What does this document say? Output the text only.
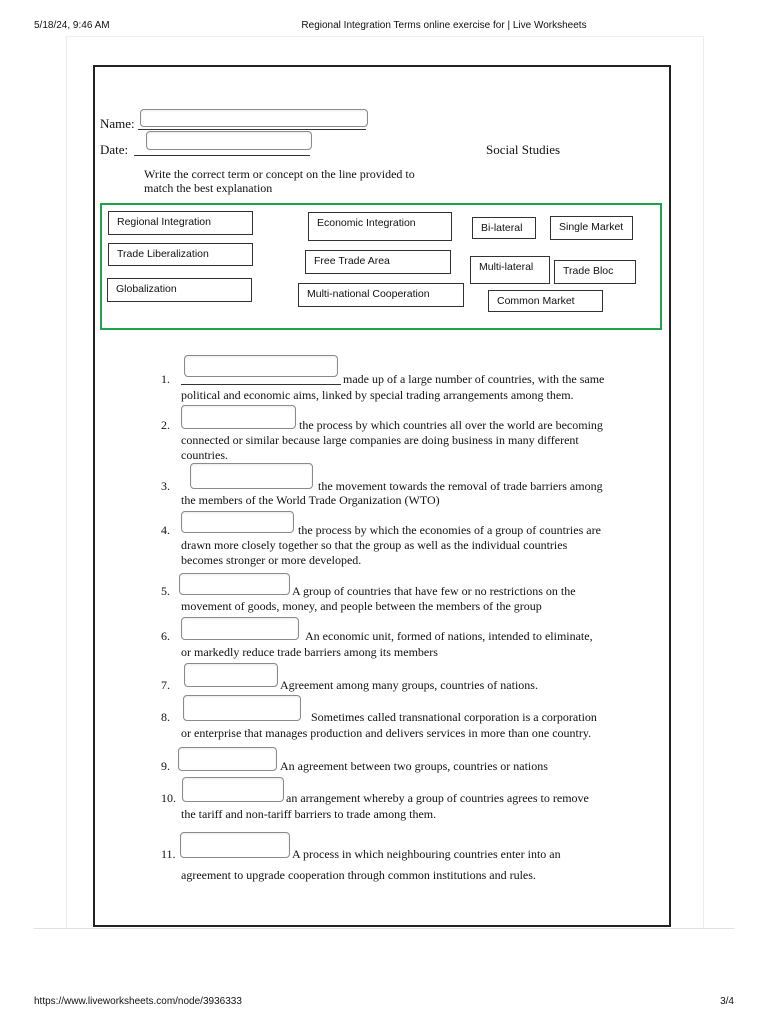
5/18/24, 9:46 AM	Regional Integration Terms online exercise for | Live Worksheets
Name:
Date:	Social Studies
Write the correct term or concept on the line provided to
match the best explanation
Regional Integration	Economic Integration	Bi-lateral	Single Market
Trade Liberalization
Free Trade Area	Multi-lateral	Trade Bloc
Globalization	Multi-national Cooperation
Common Market
1.	made up of a large number of countries, with the same
political and economic aims, linked by special trading arrangements among them.
2.	the process by which countries all over the world are becoming
connected or similar because large companies are doing business in many different
countries.
3.	the movement towards the removal of trade barriers among
the members of the World Trade Organization (WTO)
4.	the process by which the economies of a group of countries are
drawn more closely together so that the group as well as the individual countries
becomes stronger or more developed.
5.	A group of countries that have few or no restrictions on the
movement of goods, money, and people between the members of the group
6.	An economic unit, formed of nations, intended to eliminate,
or markedly reduce trade barriers among its members
7.	Agreement among many groups, countries of nations.
8.	Sometimes called transnational corporation is a corporation
or enterprise that manages production and delivers services in more than one country.
9.	An agreement between two groups, countries or nations
10.	an arrangement whereby a group of countries agrees to remove
the tariff and non-tariff barriers to trade among them.
11.	A process in which neighbouring countries enter into an
agreement to upgrade cooperation through common institutions and rules.
https://www.liveworksheets.com/node/3936333	3/4
